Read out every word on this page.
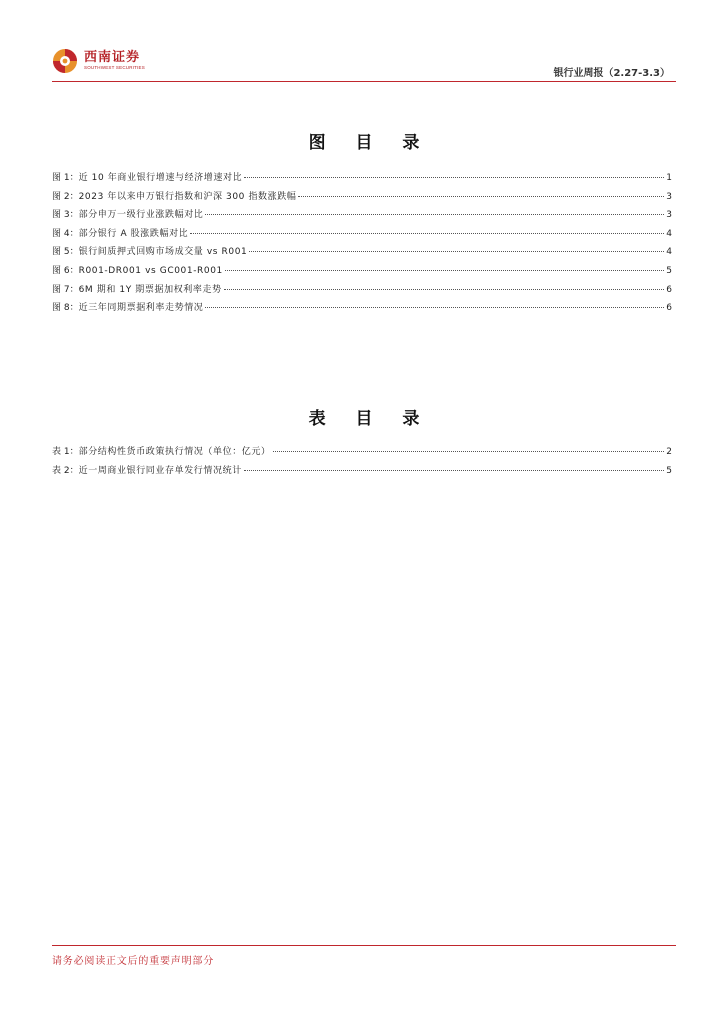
西南证券
SOUTHWEST SECURITIES
银行业周报（2.27-3.3）
图 目 录
图 1： 近 10 年商业银行增速与经济增速对比	1
图 2： 2023 年以来申万银行指数和沪深 300 指数涨跌幅	3
图 3： 部分申万一级行业涨跌幅对比	3
图 4： 部分银行 A 股涨跌幅对比	4
图 5： 银行间质押式回购市场成交量 vs R001	4
图 6： R001-DR001 vs GC001-R001	5
图 7： 6M 期和 1Y 期票据加权利率走势	6
图 8： 近三年同期票据利率走势情况	6
表 目 录
表 1： 部分结构性货币政策执行情况（单位：亿元）	2
表 2： 近一周商业银行同业存单发行情况统计	5
请务必阅读正文后的重要声明部分
